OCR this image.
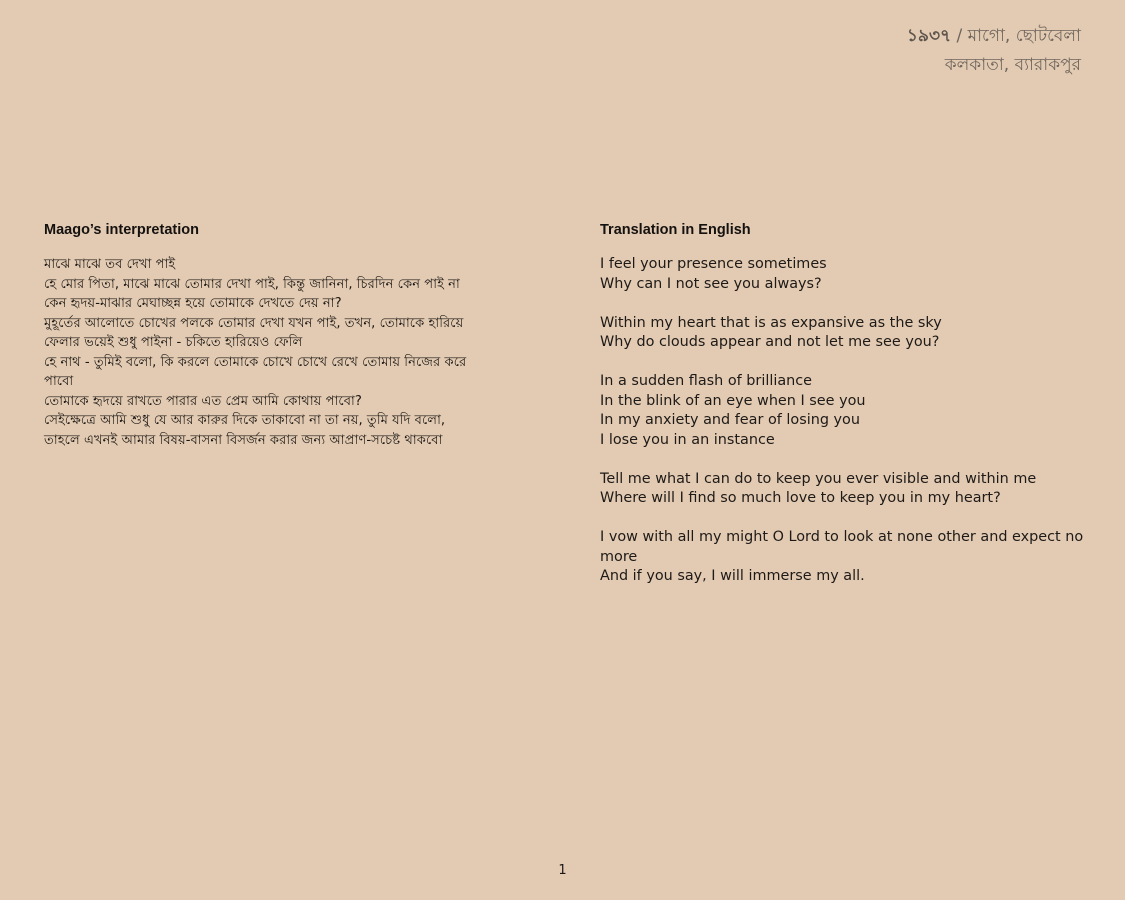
১৯৩৭ / মাগো, ছোটবেলা
কলকাতা, ব্যারাকপুর
Maago’s interpretation
মাঝে মাঝে তব দেখা পাই
হে মোর পিতা, মাঝে মাঝে তোমার দেখা পাই, কিন্তু জানিনা, চিরদিন কেন পাই না
কেন হৃদয়-মাঝার মেঘাচ্ছন্ন হয়ে তোমাকে দেখতে দেয় না?
মুহূর্তের আলোতে চোখের পলকে তোমার দেখা যখন পাই, তখন, তোমাকে হারিয়ে
ফেলার ভয়েই শুধু পাইনা - চকিতে হারিয়েও ফেলি
হে নাথ - তুমিই বলো, কি করলে তোমাকে চোখে চোখে রেখে তোমায় নিজের করে
পাবো
তোমাকে হৃদয়ে রাখতে পারার এত প্রেম আমি কোথায় পাবো?
সেইক্ষেত্রে আমি শুধু যে আর কারুর দিকে তাকাবো না তা নয়, তুমি যদি বলো,
তাহলে এখনই আমার বিষয়-বাসনা বিসর্জন করার জন্য আপ্রাণ-সচেষ্ট থাকবো
Translation in English
I feel your presence sometimes
Why can I not see you always?
Within my heart that is as expansive as the sky
Why do clouds appear and not let me see you?
In a sudden flash of brilliance
In the blink of an eye when I see you
In my anxiety and fear of losing you
I lose you in an instance
Tell me what I can do to keep you ever visible and within me
Where will I find so much love to keep you in my heart?
I vow with all my might O Lord to look at none other and expect no more
And if you say, I will immerse my all.
1
